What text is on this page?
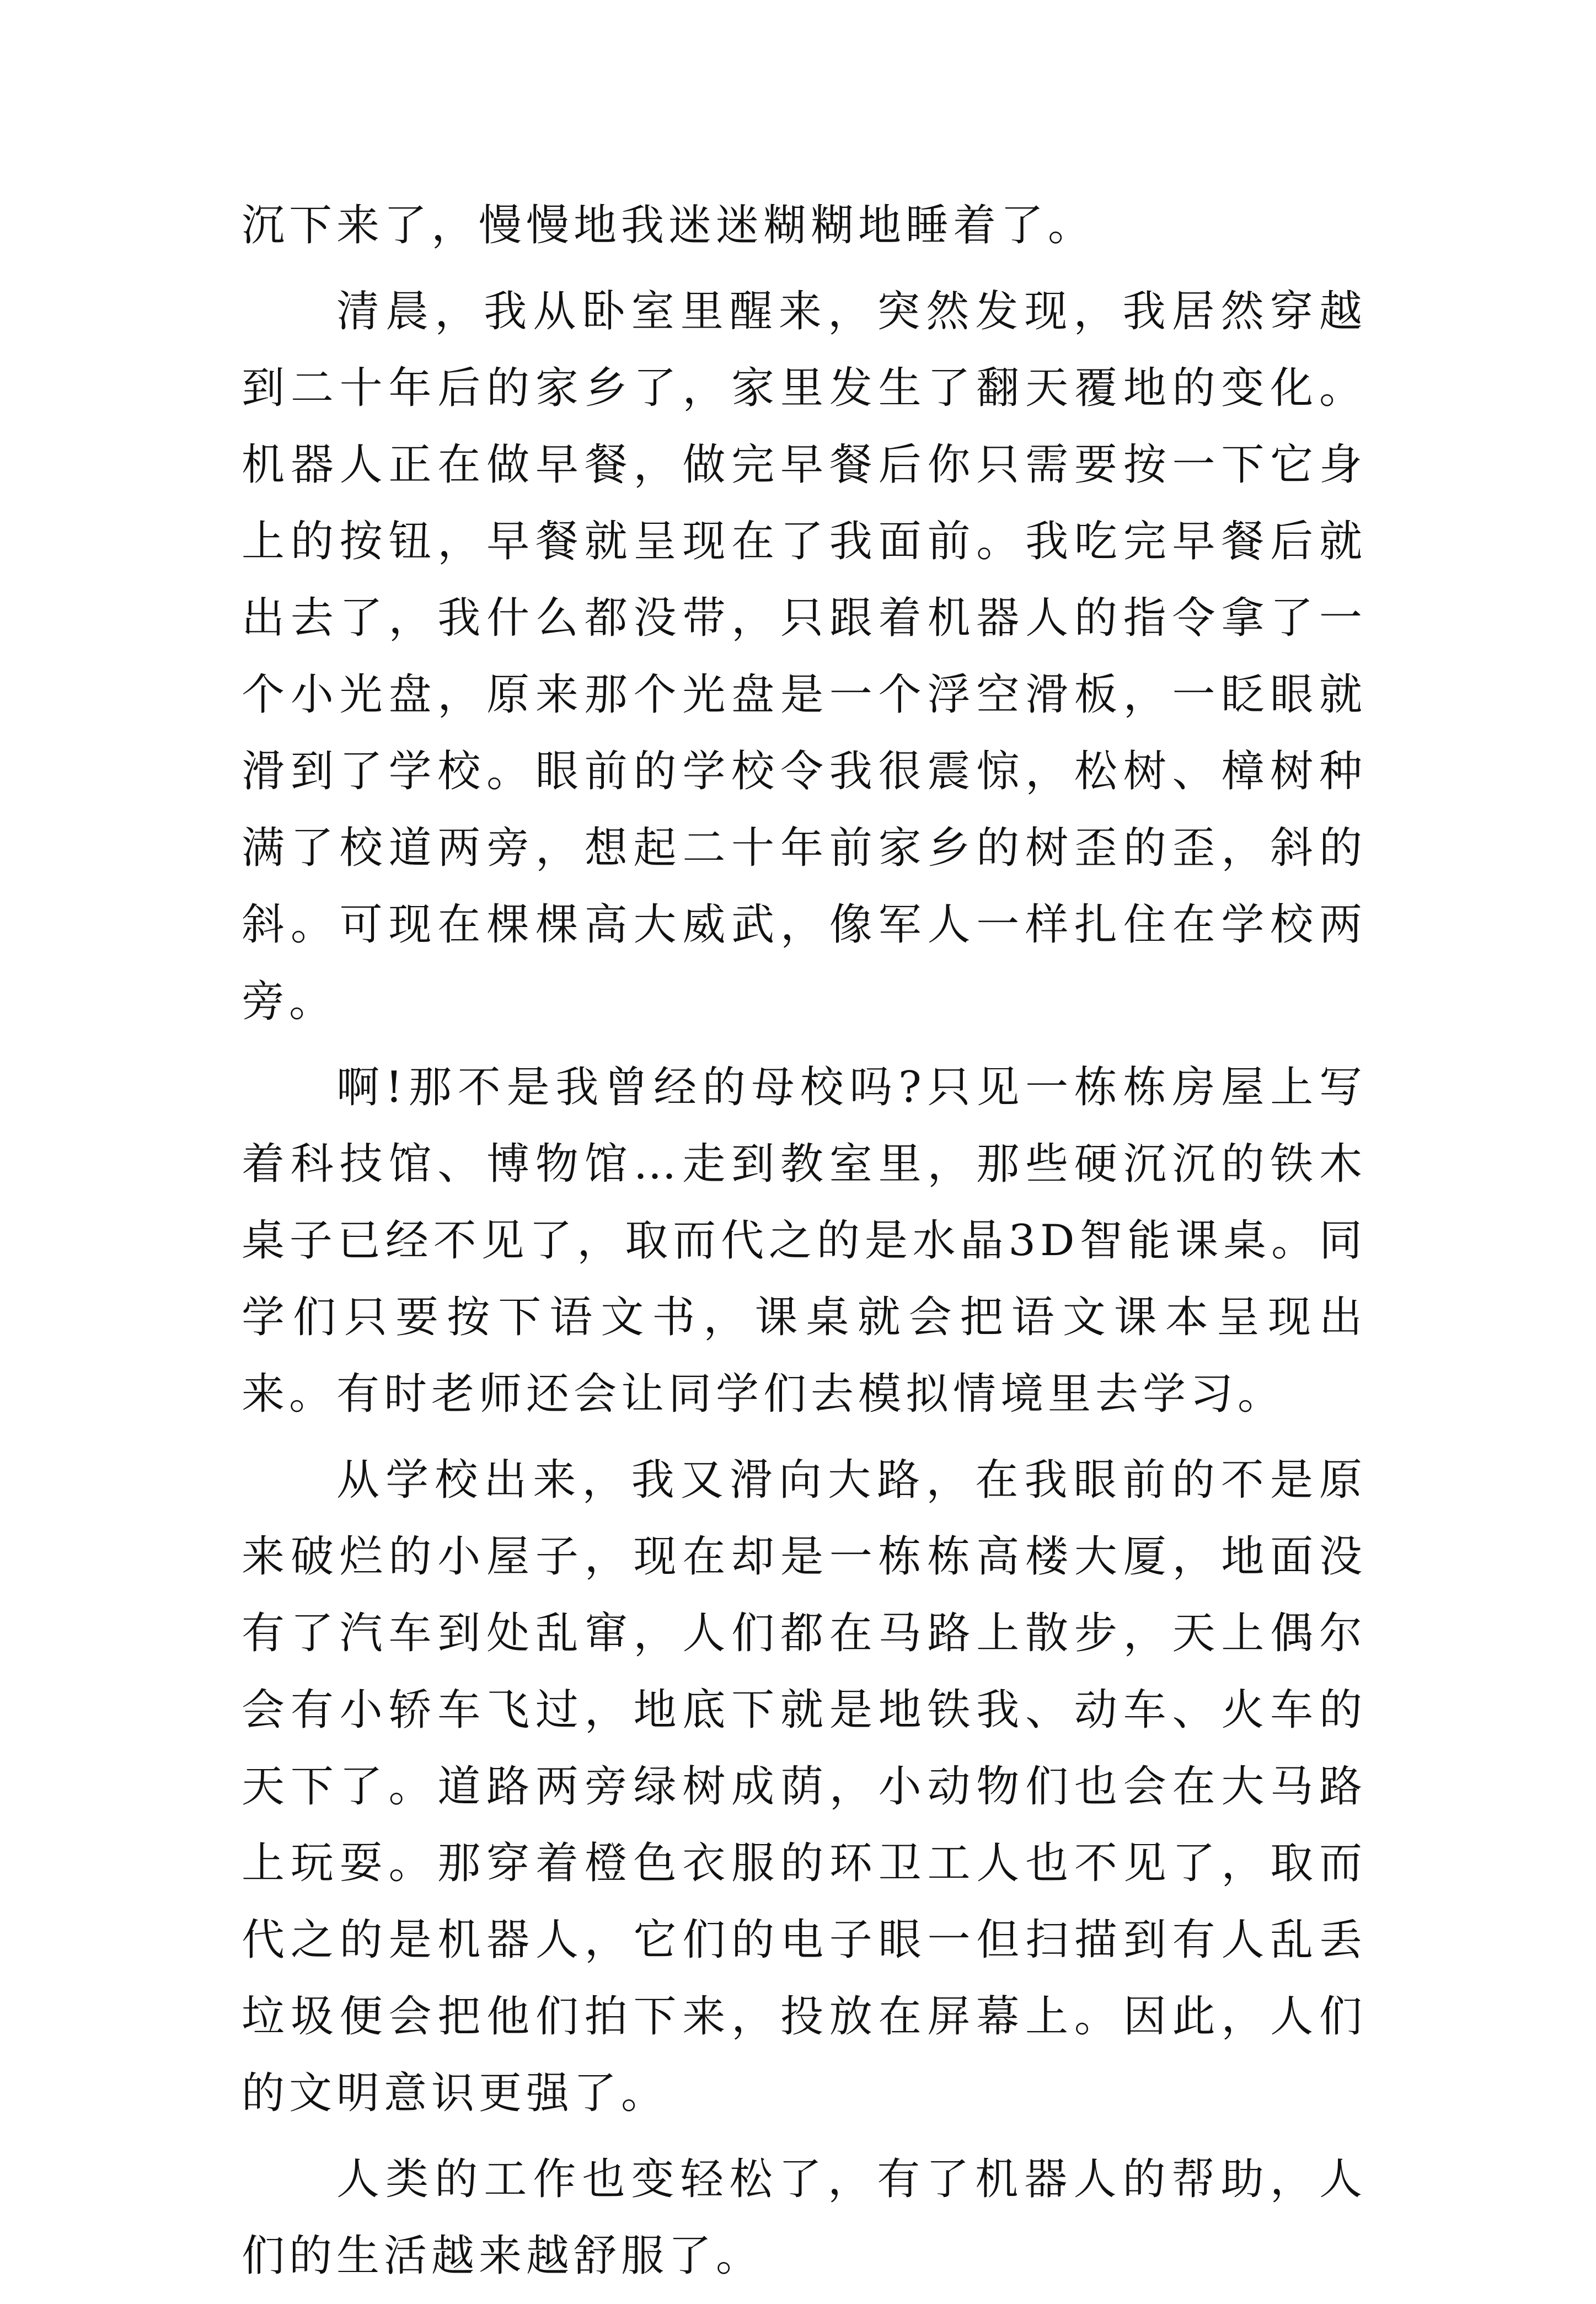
沉下来了，慢慢地我迷迷糊糊地睡着了。

清晨，我从卧室里醒来，突然发现，我居然穿越到二十年后的家乡了，家里发生了翻天覆地的变化。机器人正在做早餐，做完早餐后你只需要按一下它身上的按钮，早餐就呈现在了我面前。我吃完早餐后就出去了，我什么都没带，只跟着机器人的指令拿了一个小光盘，原来那个光盘是一个浮空滑板，一眨眼就滑到了学校。眼前的学校令我很震惊，松树、樟树种满了校道两旁，想起二十年前家乡的树歪的歪，斜的斜。可现在棵棵高大威武，像军人一样扎住在学校两旁。

啊!那不是我曾经的母校吗?只见一栋栋房屋上写着科技馆、博物馆…走到教室里，那些硬沉沉的铁木桌子已经不见了，取而代之的是水晶3D智能课桌。同学们只要按下语文书，课桌就会把语文课本呈现出来。有时老师还会让同学们去模拟情境里去学习。

从学校出来，我又滑向大路，在我眼前的不是原来破烂的小屋子，现在却是一栋栋高楼大厦，地面没有了汽车到处乱窜，人们都在马路上散步，天上偶尔会有小轿车飞过，地底下就是地铁我、动车、火车的天下了。道路两旁绿树成荫，小动物们也会在大马路上玩耍。那穿着橙色衣服的环卫工人也不见了，取而代之的是机器人，它们的电子眼一但扫描到有人乱丢垃圾便会把他们拍下来，投放在屏幕上。因此，人们的文明意识更强了。

人类的工作也变轻松了，有了机器人的帮助，人们的生活越来越舒服了。
